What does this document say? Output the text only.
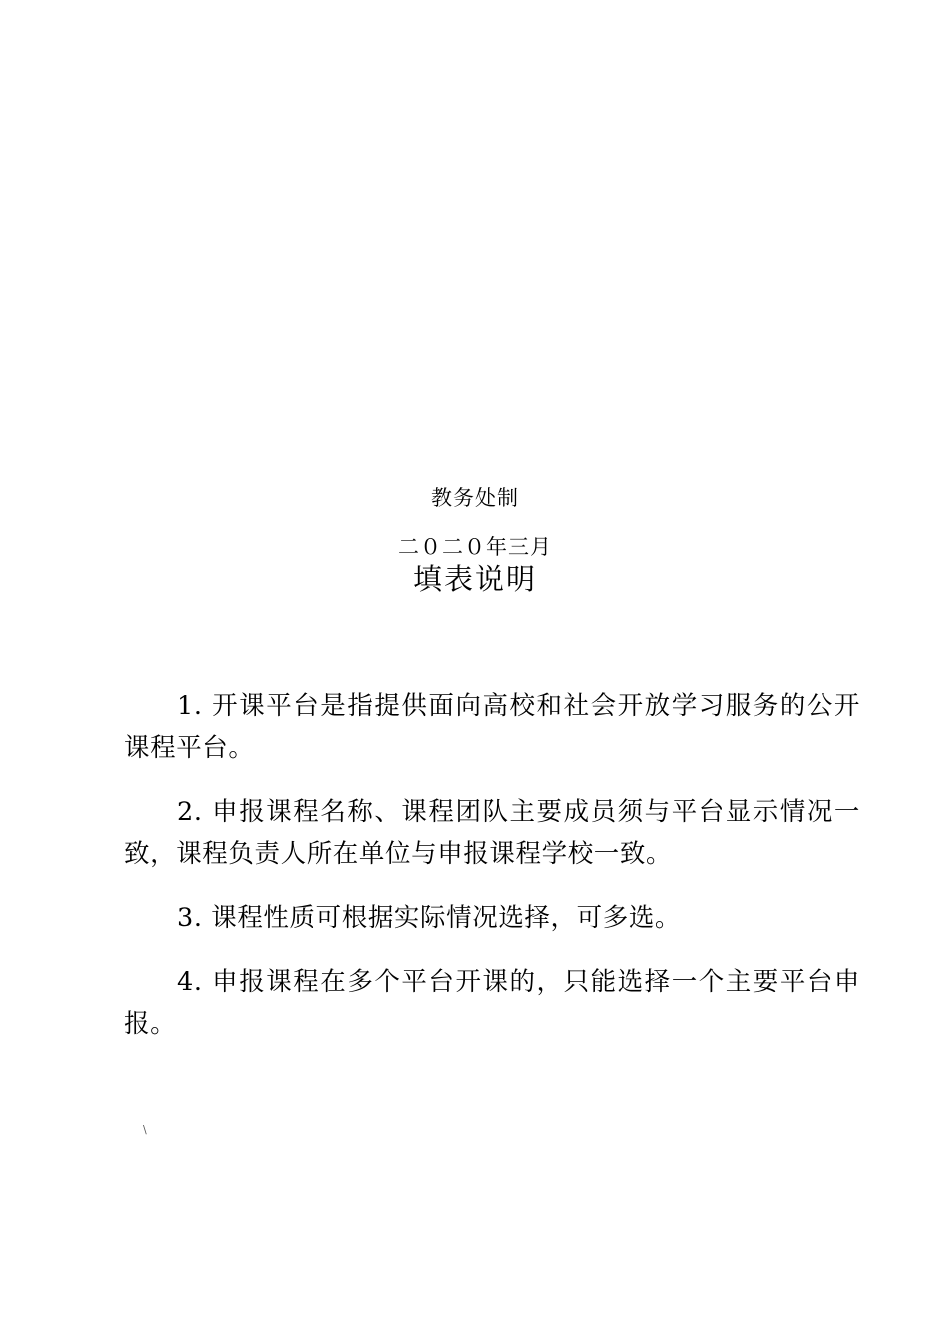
教务处制
二０二０年三月
填表说明

1. 开课平台是指提供面向高校和社会开放学习服务的公开课程平台。

2. 申报课程名称、课程团队主要成员须与平台显示情况一致，课程负责人所在单位与申报课程学校一致。

3. 课程性质可根据实际情况选择，可多选。

4. 申报课程在多个平台开课的，只能选择一个主要平台申报。

\
